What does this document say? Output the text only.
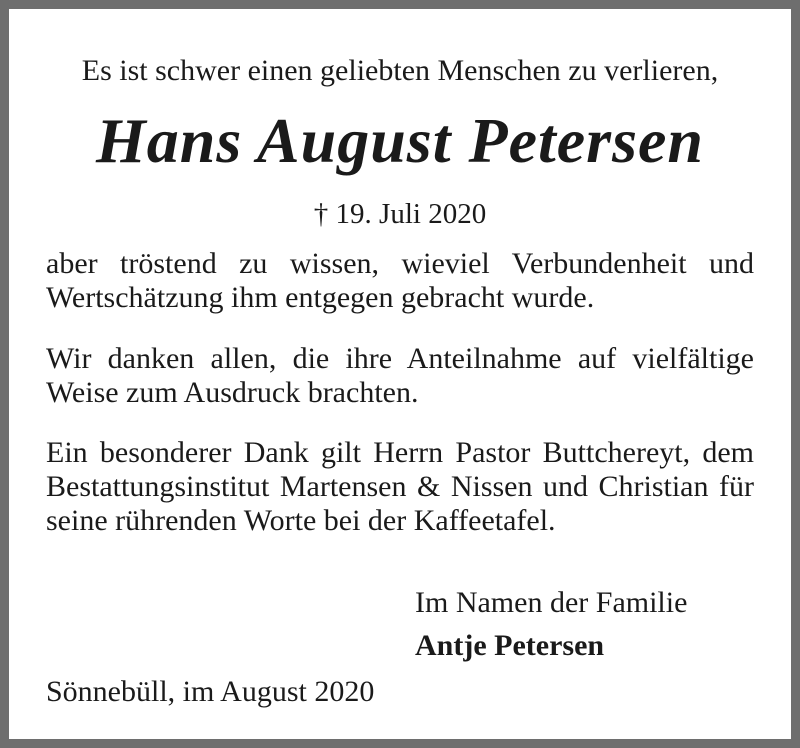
Es ist schwer einen geliebten Menschen zu verlieren,
Hans August Petersen
† 19. Juli 2020
aber tröstend zu wissen, wieviel Verbundenheit und Wertschätzung ihm entgegen gebracht wurde.
Wir danken allen, die ihre Anteilnahme auf vielfältige Weise zum Ausdruck brachten.
Ein besonderer Dank gilt Herrn Pastor Buttchereyt, dem Bestattungsinstitut Martensen & Nissen und Christian für seine rührenden Worte bei der Kaffeetafel.
Im Namen der Familie
Antje Petersen
Sönnebüll, im August 2020
